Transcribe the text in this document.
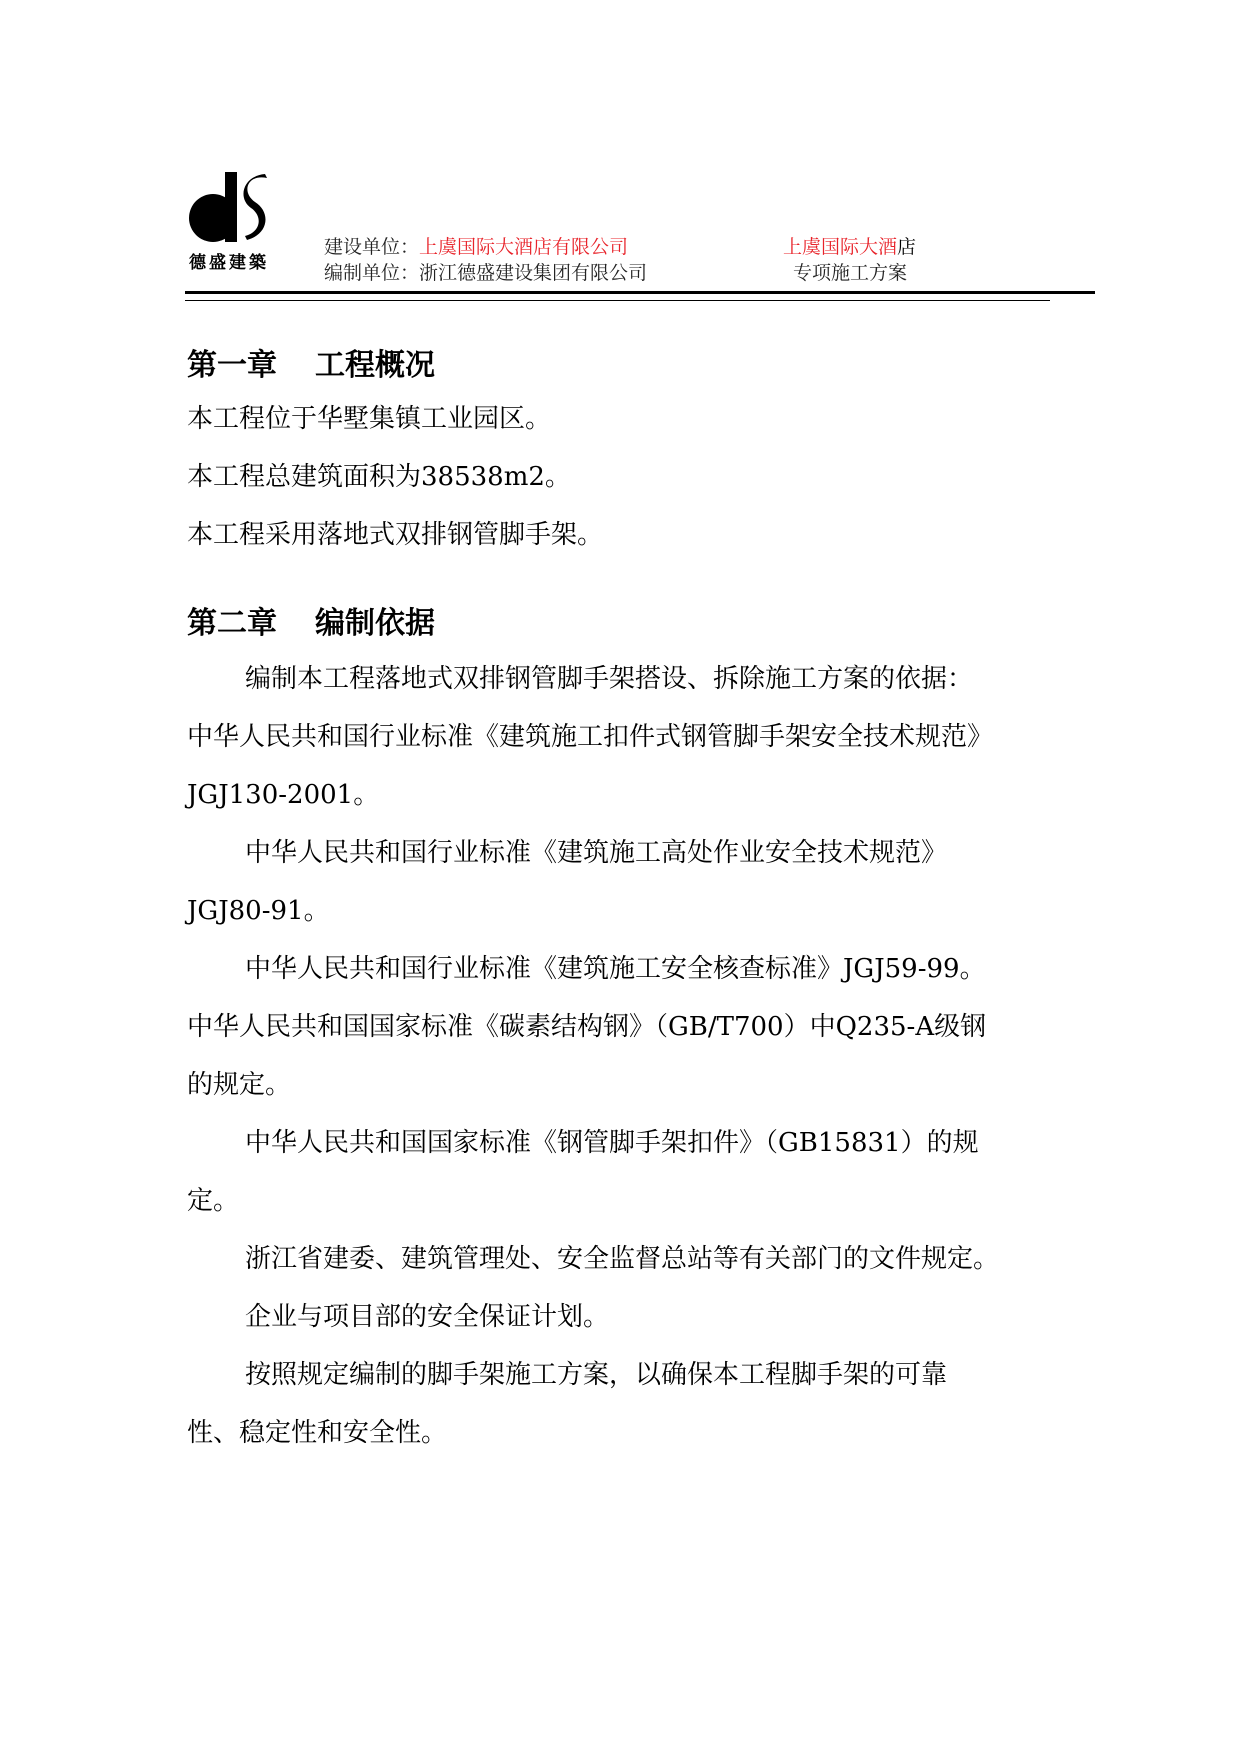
德盛建築
建设单位：上虞国际大酒店有限公司
编制单位：浙江德盛建设集团有限公司
上虞国际大酒店
专项施工方案
第一章 工程概况
本工程位于华墅集镇工业园区。
本工程总建筑面积为38538m2。
本工程采用落地式双排钢管脚手架。
第二章 编制依据
编制本工程落地式双排钢管脚手架搭设、拆除施工方案的依据：
中华人民共和国行业标准《建筑施工扣件式钢管脚手架安全技术规范》
JGJ130-2001。
中华人民共和国行业标准《建筑施工高处作业安全技术规范》
JGJ80-91。
中华人民共和国行业标准《建筑施工安全核查标准》JGJ59-99。
中华人民共和国国家标准《碳素结构钢》（GB/T700）中Q235-A级钢
的规定。
中华人民共和国国家标准《钢管脚手架扣件》（GB15831）的规
定。
浙江省建委、建筑管理处、安全监督总站等有关部门的文件规定。
企业与项目部的安全保证计划。
按照规定编制的脚手架施工方案，以确保本工程脚手架的可靠
性、稳定性和安全性。
